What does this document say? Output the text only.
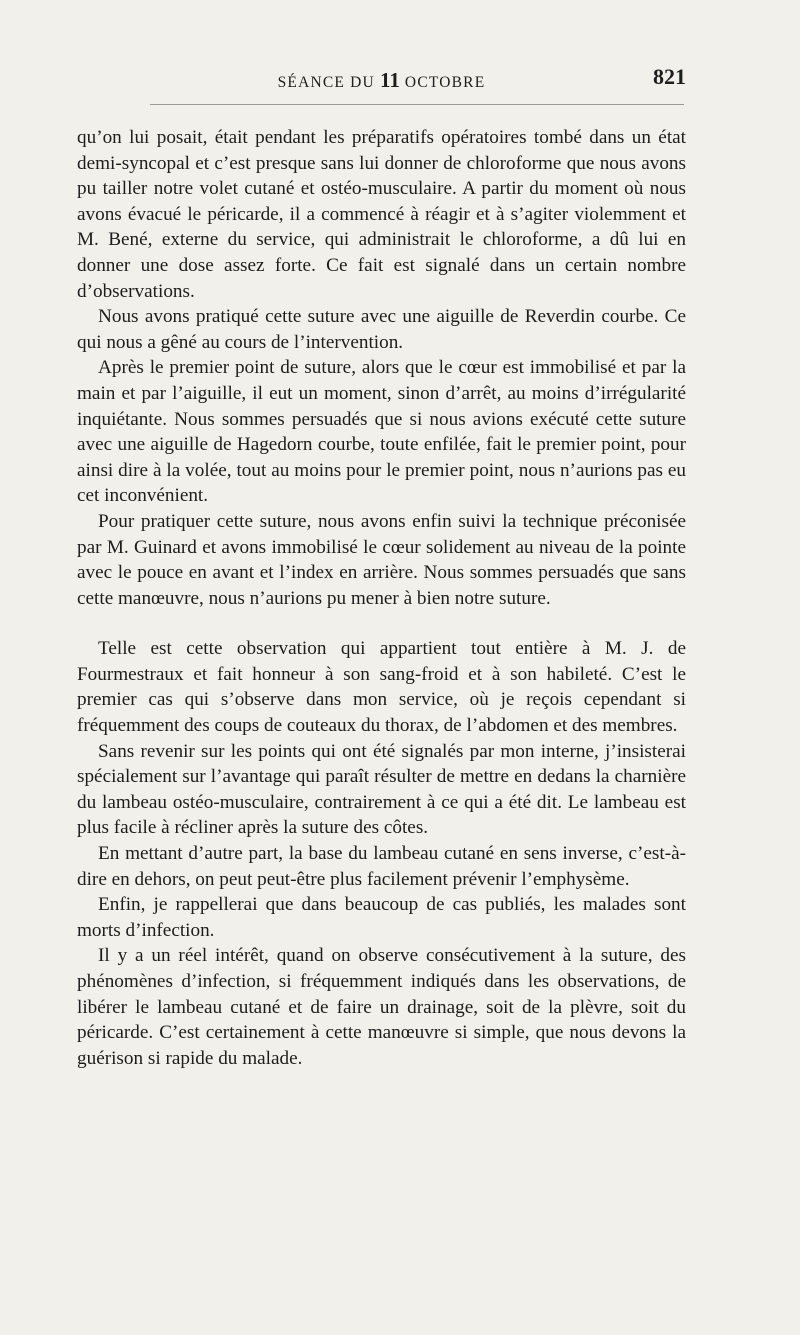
SÉANCE DU 11 OCTOBRE	821

qu’on lui posait, était pendant les préparatifs opératoires tombé dans un état demi-syncopal et c’est presque sans lui donner de chloroforme que nous avons pu tailler notre volet cutané et ostéo-musculaire. A partir du moment où nous avons évacué le péricarde, il a commencé à réagir et à s’agiter violemment et M. Bené, externe du service, qui administrait le chloroforme, a dû lui en donner une dose assez forte. Ce fait est signalé dans un certain nombre d’observations.

Nous avons pratiqué cette suture avec une aiguille de Reverdin courbe. Ce qui nous a gêné au cours de l’intervention.

Après le premier point de suture, alors que le cœur est immobilisé et par la main et par l’aiguille, il eut un moment, sinon d’arrêt, au moins d’irrégularité inquiétante. Nous sommes persuadés que si nous avions exécuté cette suture avec une aiguille de Hagedorn courbe, toute enfilée, fait le premier point, pour ainsi dire à la volée, tout au moins pour le premier point, nous n’aurions pas eu cet inconvénient.

Pour pratiquer cette suture, nous avons enfin suivi la technique préconisée par M. Guinard et avons immobilisé le cœur solidement au niveau de la pointe avec le pouce en avant et l’index en arrière. Nous sommes persuadés que sans cette manœuvre, nous n’aurions pu mener à bien notre suture.

Telle est cette observation qui appartient tout entière à M. J. de Fourmestraux et fait honneur à son sang-froid et à son habileté. C’est le premier cas qui s’observe dans mon service, où je reçois cependant si fréquemment des coups de couteaux du thorax, de l’abdomen et des membres.

Sans revenir sur les points qui ont été signalés par mon interne, j’insisterai spécialement sur l’avantage qui paraît résulter de mettre en dedans la charnière du lambeau ostéo-musculaire, contrairement à ce qui a été dit. Le lambeau est plus facile à récliner après la suture des côtes.

En mettant d’autre part, la base du lambeau cutané en sens inverse, c’est-à-dire en dehors, on peut peut-être plus facilement prévenir l’emphysème.

Enfin, je rappellerai que dans beaucoup de cas publiés, les malades sont morts d’infection.

Il y a un réel intérêt, quand on observe consécutivement à la suture, des phénomènes d’infection, si fréquemment indiqués dans les observations, de libérer le lambeau cutané et de faire un drainage, soit de la plèvre, soit du péricarde. C’est certainement à cette manœuvre si simple, que nous devons la guérison si rapide du malade.
